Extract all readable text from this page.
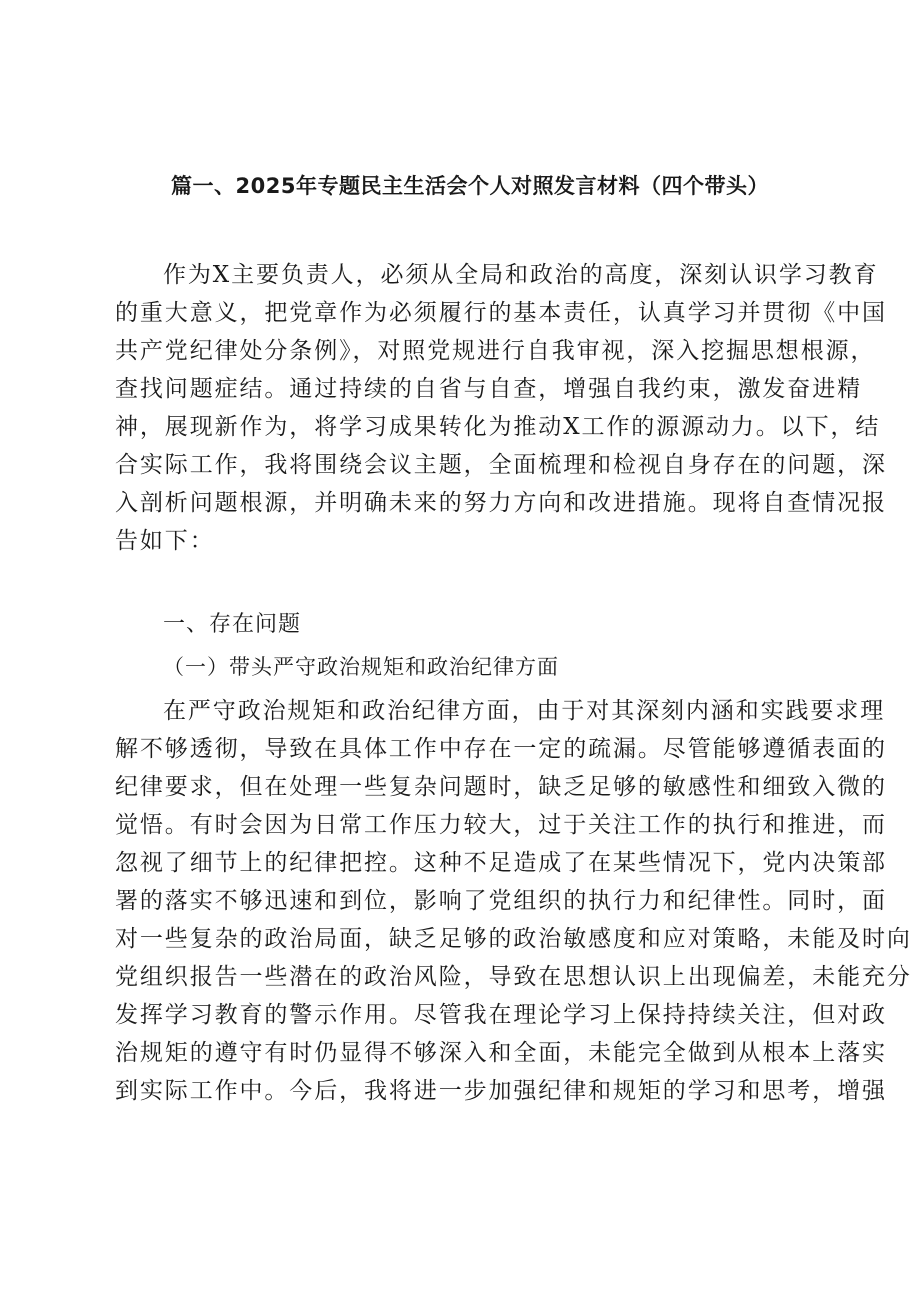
篇一、2025年专题民主生活会个人对照发言材料（四个带头）
作为X主要负责人，必须从全局和政治的高度，深刻认识学习教育
的重大意义，把党章作为必须履行的基本责任，认真学习并贯彻《中国
共产党纪律处分条例》，对照党规进行自我审视，深入挖掘思想根源，
查找问题症结。通过持续的自省与自查，增强自我约束，激发奋进精
神，展现新作为，将学习成果转化为推动X工作的源源动力。以下，结
合实际工作，我将围绕会议主题，全面梳理和检视自身存在的问题，深
入剖析问题根源，并明确未来的努力方向和改进措施。现将自查情况报
告如下：
一、存在问题
（一）带头严守政治规矩和政治纪律方面
在严守政治规矩和政治纪律方面，由于对其深刻内涵和实践要求理
解不够透彻，导致在具体工作中存在一定的疏漏。尽管能够遵循表面的
纪律要求，但在处理一些复杂问题时，缺乏足够的敏感性和细致入微的
觉悟。有时会因为日常工作压力较大，过于关注工作的执行和推进，而
忽视了细节上的纪律把控。这种不足造成了在某些情况下，党内决策部
署的落实不够迅速和到位，影响了党组织的执行力和纪律性。同时，面
对一些复杂的政治局面，缺乏足够的政治敏感度和应对策略，未能及时向
党组织报告一些潜在的政治风险，导致在思想认识上出现偏差，未能充分
发挥学习教育的警示作用。尽管我在理论学习上保持持续关注，但对政
治规矩的遵守有时仍显得不够深入和全面，未能完全做到从根本上落实
到实际工作中。今后，我将进一步加强纪律和规矩的学习和思考，增强
